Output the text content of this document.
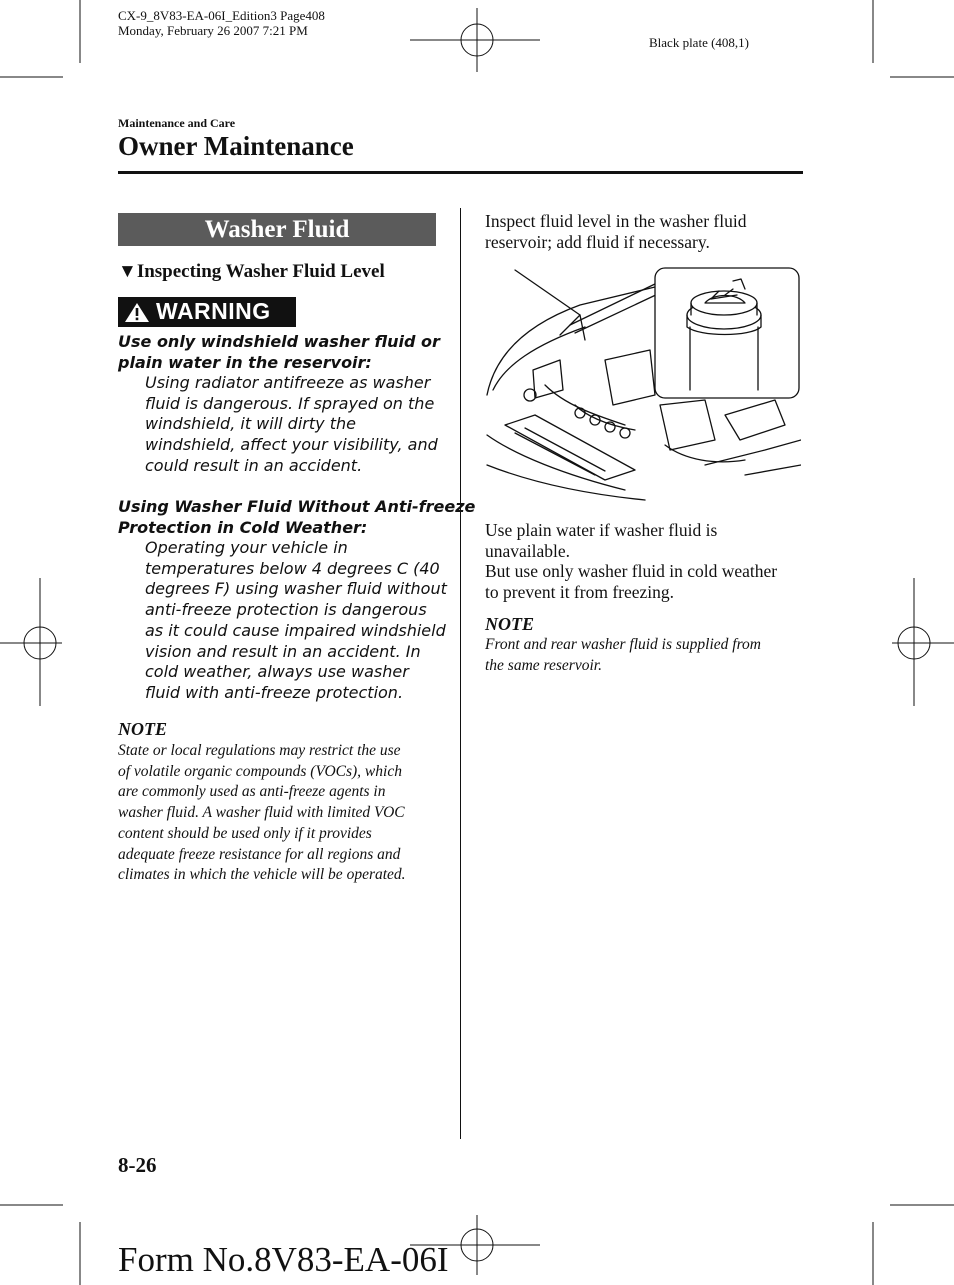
CX-9_8V83-EA-06I_Edition3 Page408
Monday, February 26 2007 7:21 PM
Black plate (408,1)
Maintenance and Care
Owner Maintenance
Washer Fluid
▼Inspecting Washer Fluid Level
WARNING
Use only windshield washer fluid or
plain water in the reservoir:
Using radiator antifreeze as washer
fluid is dangerous. If sprayed on the
windshield, it will dirty the
windshield, affect your visibility, and
could result in an accident.
Using Washer Fluid Without Anti-freeze
Protection in Cold Weather:
Operating your vehicle in
temperatures below 4 degrees C (40
degrees F) using washer fluid without
anti-freeze protection is dangerous
as it could cause impaired windshield
vision and result in an accident. In
cold weather, always use washer
fluid with anti-freeze protection.
NOTE
State or local regulations may restrict the use
of volatile organic compounds (VOCs), which
are commonly used as anti-freeze agents in
washer fluid. A washer fluid with limited VOC
content should be used only if it provides
adequate freeze resistance for all regions and
climates in which the vehicle will be operated.
Inspect fluid level in the washer fluid
reservoir; add fluid if necessary.
Use plain water if washer fluid is
unavailable.
But use only washer fluid in cold weather
to prevent it from freezing.
NOTE
Front and rear washer fluid is supplied from
the same reservoir.
8-26
Form No.8V83-EA-06I
